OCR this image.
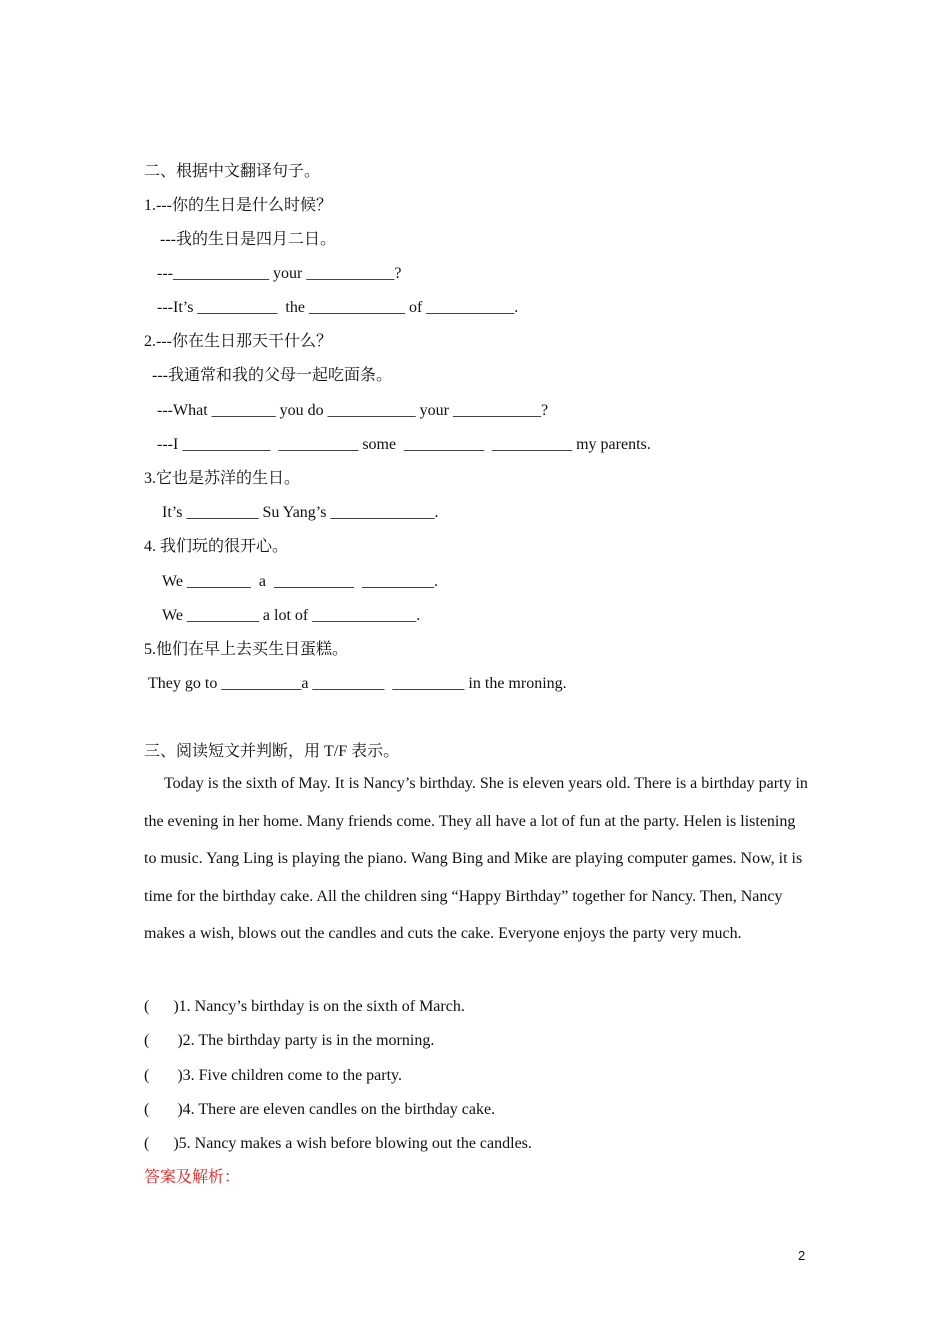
二、根据中文翻译句子。
1.---你的生日是什么时候？
---我的生日是四月二日。
---____________ your ___________?
---It’s __________  the ____________ of ___________.
2.---你在生日那天干什么？
---我通常和我的父母一起吃面条。
---What ________ you do ___________ your ___________?
---I ___________  __________ some  __________  __________ my parents.
3.它也是苏洋的生日。
It’s _________ Su Yang’s _____________.
4. 我们玩的很开心。
We ________  a  __________  _________.
We _________ a lot of _____________.
5.他们在早上去买生日蛋糕。
They go to __________a _________  _________ in the mroning.
三、阅读短文并判断，用 T/F 表示。
Today is the sixth of May. It is Nancy’s birthday. She is eleven years old. There is a birthday party in the evening in her home. Many friends come. They all have a lot of fun at the party. Helen is listening to music. Yang Ling is playing the piano. Wang Bing and Mike are playing computer games. Now, it is time for the birthday cake. All the children sing “Happy Birthday” together for Nancy. Then, Nancy makes a wish, blows out the candles and cuts the cake. Everyone enjoys the party very much.
(      )1. Nancy’s birthday is on the sixth of March.
(       )2. The birthday party is in the morning.
(       )3. Five children come to the party.
(       )4. There are eleven candles on the birthday cake.
(      )5. Nancy makes a wish before blowing out the candles.
答案及解析：
2
